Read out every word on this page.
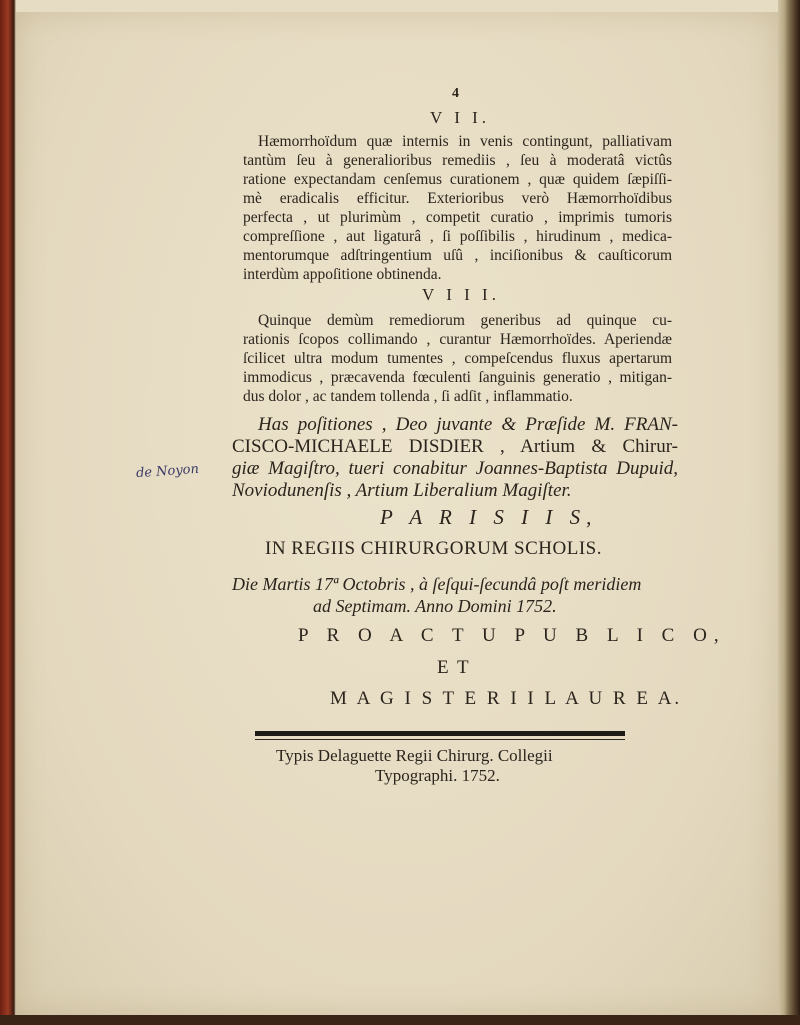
4
V I I.
Hæmorrhoïdum quæ internis in venis contingunt, palliativam
tantùm ſeu à generalioribus remediis , ſeu à moderatâ victûs
ratione expectandam cenſemus curationem , quæ quidem ſæpiſſi-
mè eradicalis efficitur. Exterioribus verò Hæmorrhoïdibus
perfecta , ut plurimùm , competit curatio , imprimis tumoris
compreſſione , aut ligaturâ , ſi poſſibilis , hirudinum , medica-
mentorumque adſtringentium uſû , inciſionibus & cauſticorum
interdùm appoſitione obtinenda.
V I I I.
Quinque demùm remediorum generibus ad quinque cu-
rationis ſcopos collimando , curantur Hæmorrhoïdes. Aperiendæ
ſcilicet ultra modum tumentes , compeſcendus fluxus apertarum
immodicus , præcavenda fœculenti ſanguinis generatio , mitigan-
dus dolor , ac tandem tollenda , ſi adſit , inflammatio.
Has poſitiones , Deo juvante & Præſide M. FRAN-
CISCO-MICHAELE DISDIER , Artium & Chirur-
giæ Magiſtro, tueri conabitur Joannes-Baptista Dupuid,
Noviodunenſis , Artium Liberalium Magiſter.
de Noyon
P A R I S I I S,
IN REGIIS CHIRURGORUM SCHOLIS.
Die Martis 17ª Octobris , à ſeſqui-ſecundâ poſt meridiem
ad Septimam. Anno Domini 1752.
P R O A C T U P U B L I C O,
E T
M A G I S T E R I I L A U R E A.
Typis Delaguette Regii Chirurg. Collegii
Typographi. 1752.
